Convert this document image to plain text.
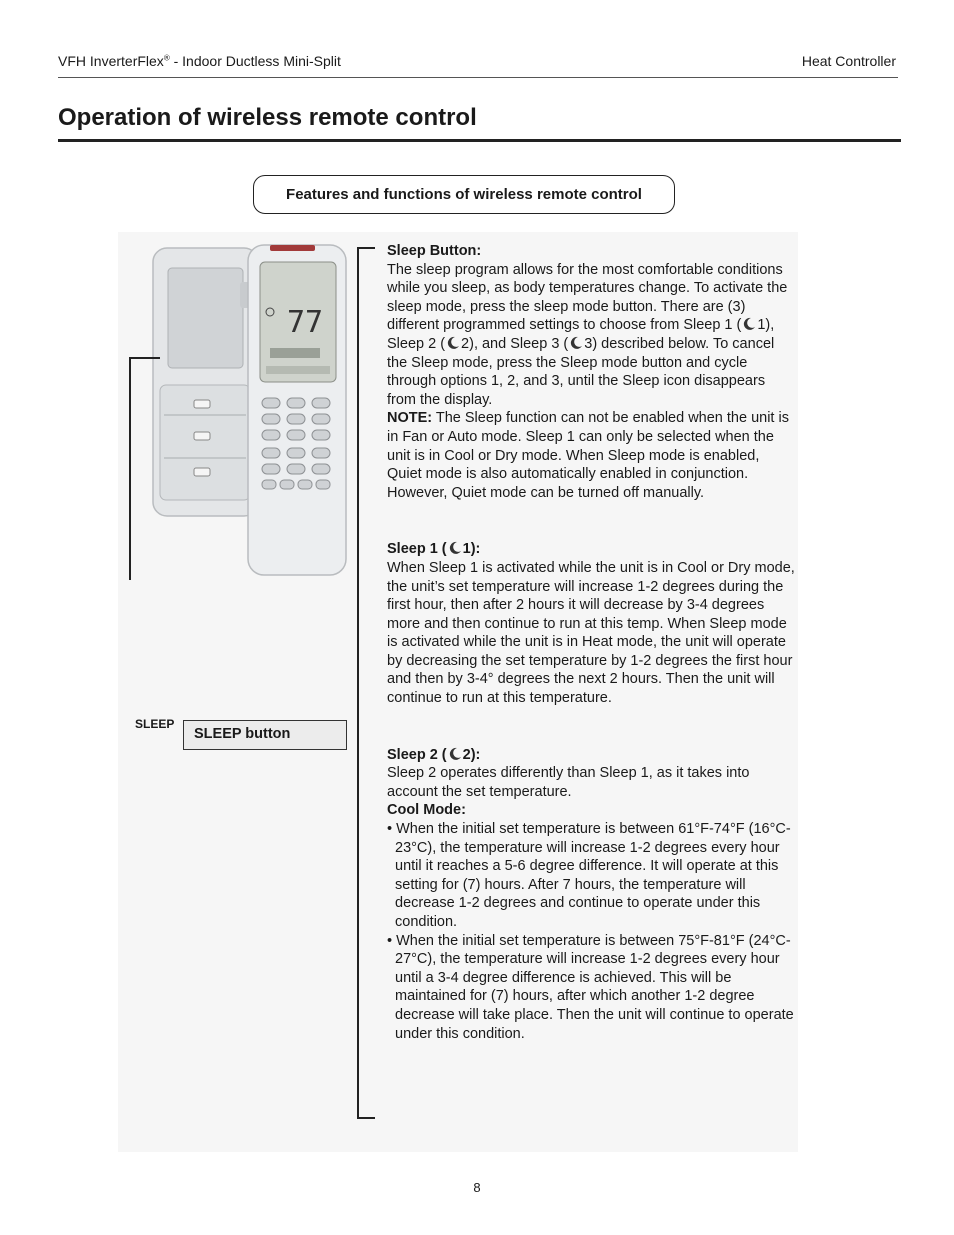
VFH InverterFlex® - Indoor Ductless Mini-Split	Heat Controller
Operation of wireless remote control
Features and functions of wireless remote control
77
SLEEP
SLEEP button

Sleep Button:

The sleep program allows for the most comfortable conditions while you sleep, as body temperatures change. To activate the sleep mode, press the sleep mode button. There are (3) different programmed settings to choose from Sleep 1 ( 1), Sleep 2 ( 2), and Sleep 3 ( 3) described below. To cancel the Sleep mode, press the Sleep mode button and cycle through options 1, 2, and 3, until the Sleep icon disappears from the display.

NOTE: The Sleep function can not be enabled when the unit is in Fan or Auto mode. Sleep 1 can only be selected when the unit is in Cool or Dry mode. When Sleep mode is enabled, Quiet mode is also automatically enabled in conjunction. However, Quiet mode can be turned off manually.

Sleep 1 ( 1):

When Sleep 1 is activated while the unit is in Cool or Dry mode, the unit’s set temperature will increase 1-2 degrees during the first hour, then after 2 hours it will decrease by 3-4 degrees more and then continue to run at this temp. When Sleep mode is activated while the unit is in Heat mode, the unit will operate by decreasing the set temperature by 1-2 degrees the first hour and then by 3-4° degrees the next 2 hours. Then the unit will continue to run at this temperature.

Sleep 2 ( 2):

Sleep 2 operates differently than Sleep 1, as it takes into account the set temperature.

Cool Mode:

• When the initial set temperature is between 61°F-74°F (16°C-23°C), the temperature will increase 1-2 degrees every hour until it reaches a 5-6 degree difference. It will operate at this setting for (7) hours. After 7 hours, the temperature will decrease 1-2 degrees and continue to operate under this condition.

• When the initial set temperature is between 75°F-81°F (24°C-27°C), the temperature will increase 1-2 degrees every hour until a 3-4 degree difference is achieved. This will be maintained for (7) hours, after which another 1-2 degree decrease will take place. Then the unit will continue to operate under this condition.

8
